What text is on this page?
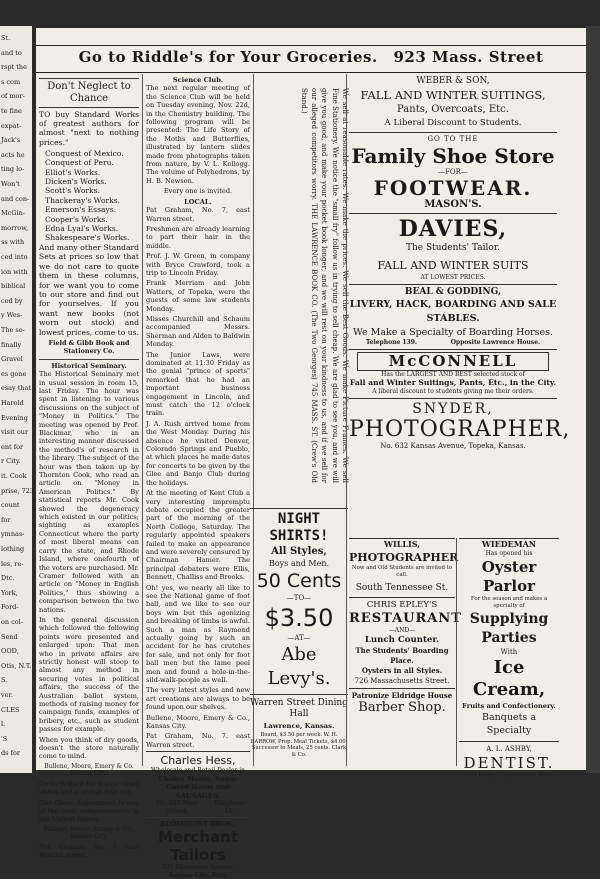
St.
and to
rspt the
s com
of mor-
te fine
expat-
Jack's
acts he
ting lo-
Won't
and con-
McGin-
morrow,
ss with
ced into
ion with
biblical
ced by
y Wes-
The so-
finally
Gravel
es gone
esay that
Harold
Evening
visit our
ent for
r City.
it. Cook
prise, 723
count
for
ymnas-
lothing
les, re-
Dtc.
York,
Ford-
on col-
Send
OOD,
Otis, N.T.
S.
ver.
CLES
l.
'S
ds for
Go to Riddle's for Your Groceries. 923 Mass. Street
Don't Neglect to Chance

TO buy Standard Works of greatest authors for almost "next to nothing prices."

Conquest of Mexico.
Conquest of Peru.
Elliot's Works.
Dicken's Works.
Scott's Works.
Thackeray's Works.
Emerson's Essays.
Cooper's Works.
Edna Lyal's Works.
Shakespeare's Works.

And many other Standard Sets at prices so low that we do not care to quote them in these columns, for we want you to come to our store and find out for yourselves. If you want new books (not worn out stock) and lowest prices, come to us.

Field & Gibb Book and Stationery Co.
Historical Seminary.

The Historical Seminary met in usual session in room 15, last Friday. The hour was spent in listening to various discussions on the subject of "Money in Politics." The meeting was opened by Prof. Blackmar, who in an interesting manner discussed the method's of research in the library. The subject of the hour was then taken up by Thornton Cook, who read an article on "Money in American Politics." By statistical reports Mr. Cook showed the degeneracy which existed in our politics; sighting as examples Connecticut where the party of most liberal means can carry the state, and Rhode Island, where onefourth of the voters are purchased. Mr. Cramer followed with an article on "Money in English Politics," thus showing a comparison between the two nations.

In the general discussion which followed the following points were presented and enlarged upon: That men who in private affairs are strictly honest will stoop to almost any method in securing votes in political affairs, the success of the Australian ballot system, methods of raising money for campaign funds, examples of bribery, etc., such as student passes for example.

When you think of dry goods, doesn't the store naturally come to mind.

Bullene, Moore, Emery & Co. Kansas City.

Go to Willard for a nice clean shave and a stylish hair cut.

Our Glove department is one of the most comprehensive in the United States.

Bullene, Moore, Emery & Co., Kansas City.

Pat. Graham, No. 7, east Warren street.

Science Club.

The next regular meeting of the Science Club will be held on Tuesday evening, Nov. 22d, in the Chemistry building. The following program will be presented: The Life Story of the Moths and Butterflies, illustrated by lantern slides made from photographs taken from nature, by V. L. Kellogg. The volume of Polyhedrons, by H. B. Newson.

Every one is invited.

LOCAL.

Pat Graham, No. 7, east Warren street.

Freshmen are already learning to part their hair in the middle.

Prof. J. W. Green, in company with Bryce Crawford, took a trip to Lincoln Friday.

Frank Merriam and John Watters, of Topeka, were the guests of some law students Monday.

Misses Churchill and Schaum accompanied Messrs. Sherman and Alden to Baldwin Monday.

The Junior Laws, were dominated at 11:30 Friday as the genial "prince of sports" remarked that he had an important business engagement in Lincoln, and must catch the 12 o'clock train.

J. A. Rush arrived home from the West Monday. During his absence he visited Denver, Colorado Springs and Pueblo, at which places he made dates for concerts to be given by the Glee and Banjo Club during the holidays.

At the meeting of Kent Club a very interesting impromptu debate occupied the greater part of the morning of the North College, Saturday. The regularly appointed speakers failed to make an appearance and were severely censured by Chairman Hamer. The principal debaters were Ellis, Bennett, Challiss and Brooks.

Oh! yes, we nearly all like to see the National game of foot ball, and we like to see our boys win but this agonizing and breaking of limbs is awful. Such a man as Raymond actually going by such an accident for he has crutches for sale, and not only for foot ball men but the lame peel men and found a hole-in-the-sild-walk-people as well.

The very latest styles and new art creations are always to be found upon our shelves.

Bullene, Moore, Emery & Co., Kansas City.

Pat Graham, No. 7. east Warren street.

Charles Hess,
Wholesale and Retail Dealer in
Choice Meats, Sugar Cured Hams and SAUSAGES,
No. 927 Mass Street.
Telephone 14.
BLOMQUIST BROS.,
Merchant Tailors
537 Minnesota Avenue,
Kansas City, Kan.
We sell at reasonable rates. We make the prices. We sell the Best Goods. We make Picture Frames. We sell Fine Stationery. We notice the "small fry" follow us in trying to sell cheap. We are glad to see you, and we will give you good, and make your pocket book longer; and we will rest on your kindness to us, and if we sell for our alleged competitors worry. THE LAWRENCE BOOK CO. (The Two Georges) 745 MASS. ST. (Crew's Old Stand.)
NIGHT SHIRTS!
All Styles,
Boys and Men.
50 Cents
—TO—
$3.50
—AT—
Abe Levy's.
Warren Street Dining Hall
Lawrence, Kansas.
Board, $3.50 per week. W. H. BARROW, Prop. Meal Tickets, $4.00. Successor to Meals, 25 cents. Clark & Co.
WEBER & SON,
FALL AND WINTER SUITINGS,
Pants, Overcoats, Etc.
A Liberal Discount to Students.
GO TO THE
Family Shoe Store
—FOR—
FOOTWEAR.
MASON'S.
DAVIES,
The Students' Tailor.
FALL AND WINTER SUITS
AT LOWEST PRICES.
BEAL & GODDING,
LIVERY, HACK, BOARDING AND SALE STABLES.
We Make a Specialty of Boarding Horses.
Telephone 139.	Opposite Lawrence House.
McCONNELL
Has the LARGEST AND BEST selected stock of
Fall and Winter Suitings, Pants, Etc., in the City.
A liberal discount to students giving me their orders.
SNYDER,
PHOTOGRAPHER,
No. 632 Kansas Avenue, Topeka, Kansas.
WILLIS,
PHOTOGRAPHER
Now and Old Students are invited to call.
South Tennessee St.
CHRIS EPLEY'S
RESTAURANT
—AND—
Lunch Counter.
The Students' Boarding Place.
Oysters in all Styles.
726 Massachusetts Street.
Patronize Eldridge House
Barber Shop.
WIEDEMAN
Has opened his
Oyster Parlor
For the season and makes a specialty of
Supplying Parties
With
Ice Cream,
Fruits and Confectionery.
Banquets a Specialty
A. L. ASHBY,
DENTIST.
Over Dailey's Queensware Store.
